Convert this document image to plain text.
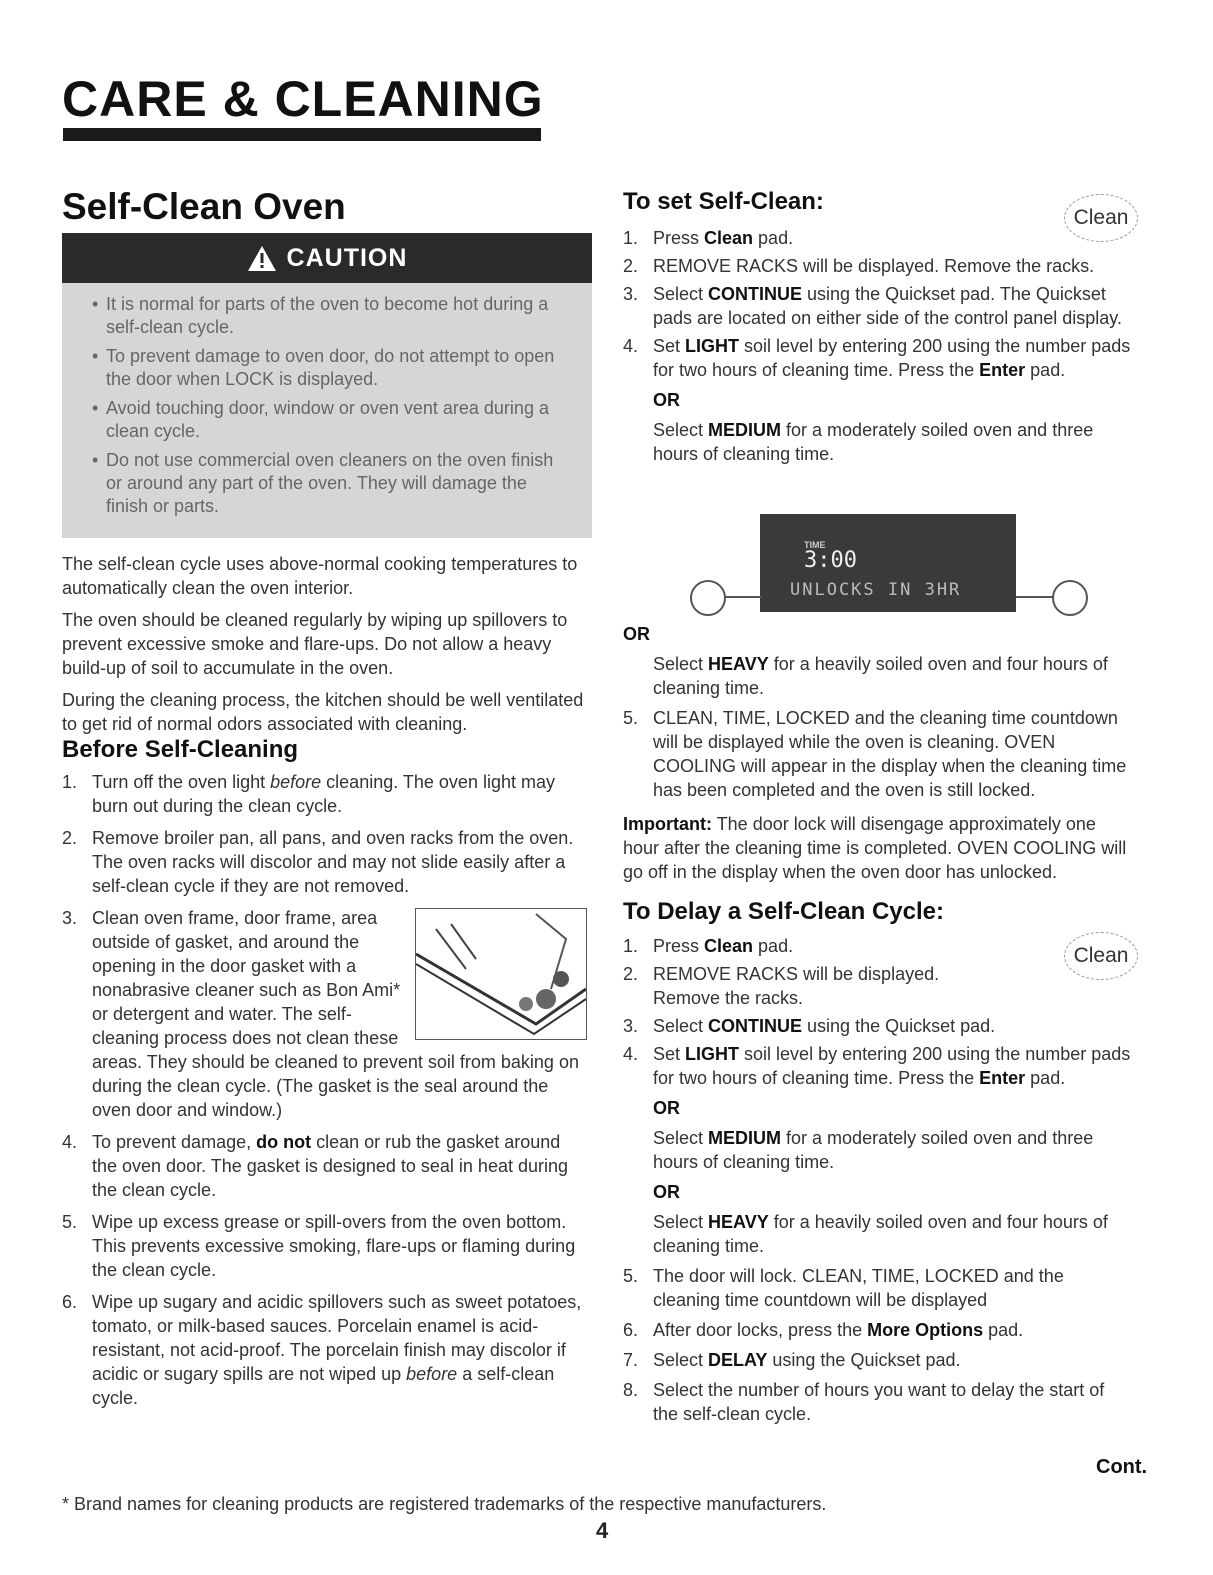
CARE & CLEANING
Self-Clean Oven
CAUTION
• It is normal for parts of the oven to become hot during a self-clean cycle.
• To prevent damage to oven door, do not attempt to open the door when LOCK is displayed.
• Avoid touching door, window or oven vent area during a clean cycle.
• Do not use commercial oven cleaners on the oven finish or around any part of the oven. They will damage the finish or parts.
The self-clean cycle uses above-normal cooking temperatures to automatically clean the oven interior.
The oven should be cleaned regularly by wiping up spillovers to prevent excessive smoke and flare-ups. Do not allow a heavy build-up of soil to accumulate in the oven.
During the cleaning process, the kitchen should be well ventilated to get rid of normal odors associated with cleaning.
Before Self-Cleaning
1. Turn off the oven light before cleaning. The oven light may burn out during the clean cycle.
2. Remove broiler pan, all pans, and oven racks from the oven. The oven racks will discolor and may not slide easily after a self-clean cycle if they are not removed.
3. Clean oven frame, door frame, area outside of gasket, and around the opening in the door gasket with a nonabrasive cleaner such as Bon Ami* or detergent and water. The self-cleaning process does not clean these areas. They should be cleaned to prevent soil from baking on during the clean cycle. (The gasket is the seal around the oven door and window.)
4. To prevent damage, do not clean or rub the gasket around the oven door. The gasket is designed to seal in heat during the clean cycle.
5. Wipe up excess grease or spill-overs from the oven bottom. This prevents excessive smoking, flare-ups or flaming during the clean cycle.
6. Wipe up sugary and acidic spillovers such as sweet potatoes, tomato, or milk-based sauces. Porcelain enamel is acid-resistant, not acid-proof. The porcelain finish may discolor if acidic or sugary spills are not wiped up before a self-clean cycle.
To set Self-Clean:
Clean
1. Press Clean pad.
2. REMOVE RACKS will be displayed. Remove the racks.
3. Select CONTINUE using the Quickset pad. The Quickset pads are located on either side of the control panel display.
4. Set LIGHT soil level by entering 200 using the number pads for two hours of cleaning time. Press the Enter pad.
OR
Select MEDIUM for a moderately soiled oven and three hours of cleaning time.
TIME
3:00
UNLOCKS IN 3HR
OR
Select HEAVY for a heavily soiled oven and four hours of cleaning time.
5. CLEAN, TIME, LOCKED and the cleaning time countdown will be displayed while the oven is cleaning. OVEN COOLING will appear in the display when the cleaning time has been completed and the oven is still locked.
Important: The door lock will disengage approximately one hour after the cleaning time is completed. OVEN COOLING will go off in the display when the oven door has unlocked.
To Delay a Self-Clean Cycle:
Clean
1. Press Clean pad.
2. REMOVE RACKS will be displayed. Remove the racks.
3. Select CONTINUE using the Quickset pad.
4. Set LIGHT soil level by entering 200 using the number pads for two hours of cleaning time. Press the Enter pad.
OR
Select MEDIUM for a moderately soiled oven and three hours of cleaning time.
OR
Select HEAVY for a heavily soiled oven and four hours of cleaning time.
5. The door will lock. CLEAN, TIME, LOCKED and the cleaning time countdown will be displayed
6. After door locks, press the More Options pad.
7. Select DELAY using the Quickset pad.
8. Select the number of hours you want to delay the start of the self-clean cycle.
Cont.
* Brand names for cleaning products are registered trademarks of the respective manufacturers.
4
